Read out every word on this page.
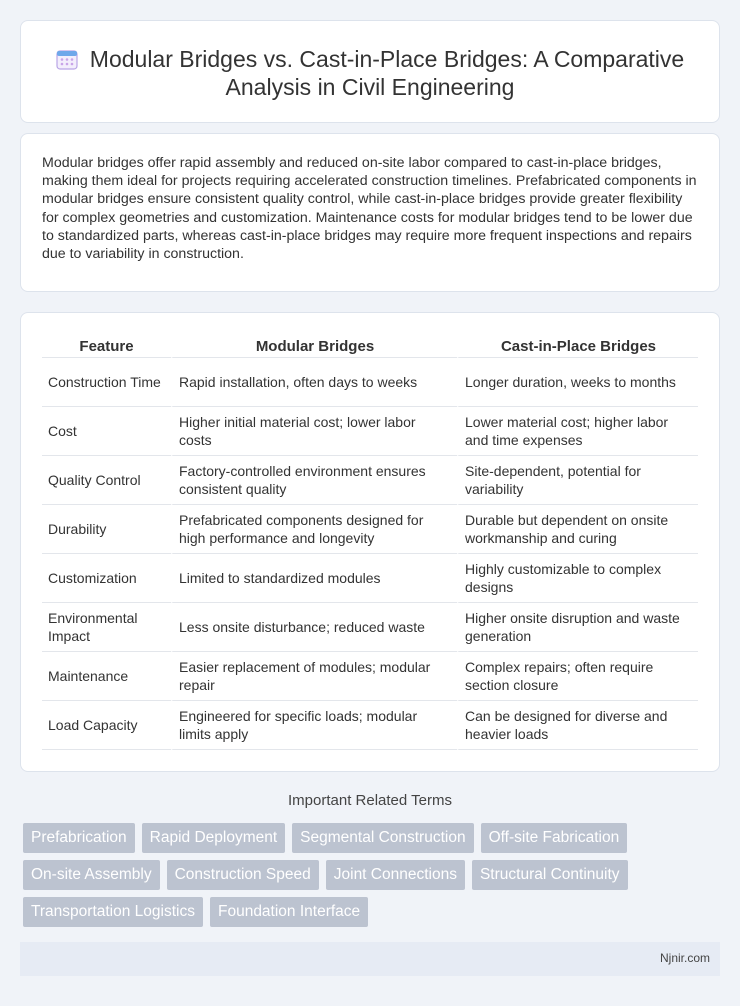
Modular Bridges vs. Cast-in-Place Bridges: A Comparative Analysis in Civil Engineering

Modular bridges offer rapid assembly and reduced on-site labor compared to cast-in-place bridges, making them ideal for projects requiring accelerated construction timelines. Prefabricated components in modular bridges ensure consistent quality control, while cast-in-place bridges provide greater flexibility for complex geometries and customization. Maintenance costs for modular bridges tend to be lower due to standardized parts, whereas cast-in-place bridges may require more frequent inspections and repairs due to variability in construction.

Feature	Modular Bridges	Cast-in-Place Bridges
Construction Time	Rapid installation, often days to weeks	Longer duration, weeks to months
Cost	Higher initial material cost; lower labor costs	Lower material cost; higher labor and time expenses
Quality Control	Factory-controlled environment ensures consistent quality	Site-dependent, potential for variability
Durability	Prefabricated components designed for high performance and longevity	Durable but dependent on onsite workmanship and curing
Customization	Limited to standardized modules	Highly customizable to complex designs
Environmental Impact	Less onsite disturbance; reduced waste	Higher onsite disruption and waste generation
Maintenance	Easier replacement of modules; modular repair	Complex repairs; often require section closure
Load Capacity	Engineered for specific loads; modular limits apply	Can be designed for diverse and heavier loads
Important Related Terms
Prefabrication	Rapid Deployment	Segmental Construction	Off-site Fabrication
On-site Assembly	Construction Speed	Joint Connections	Structural Continuity
Transportation Logistics	Foundation Interface
Njnir.com
